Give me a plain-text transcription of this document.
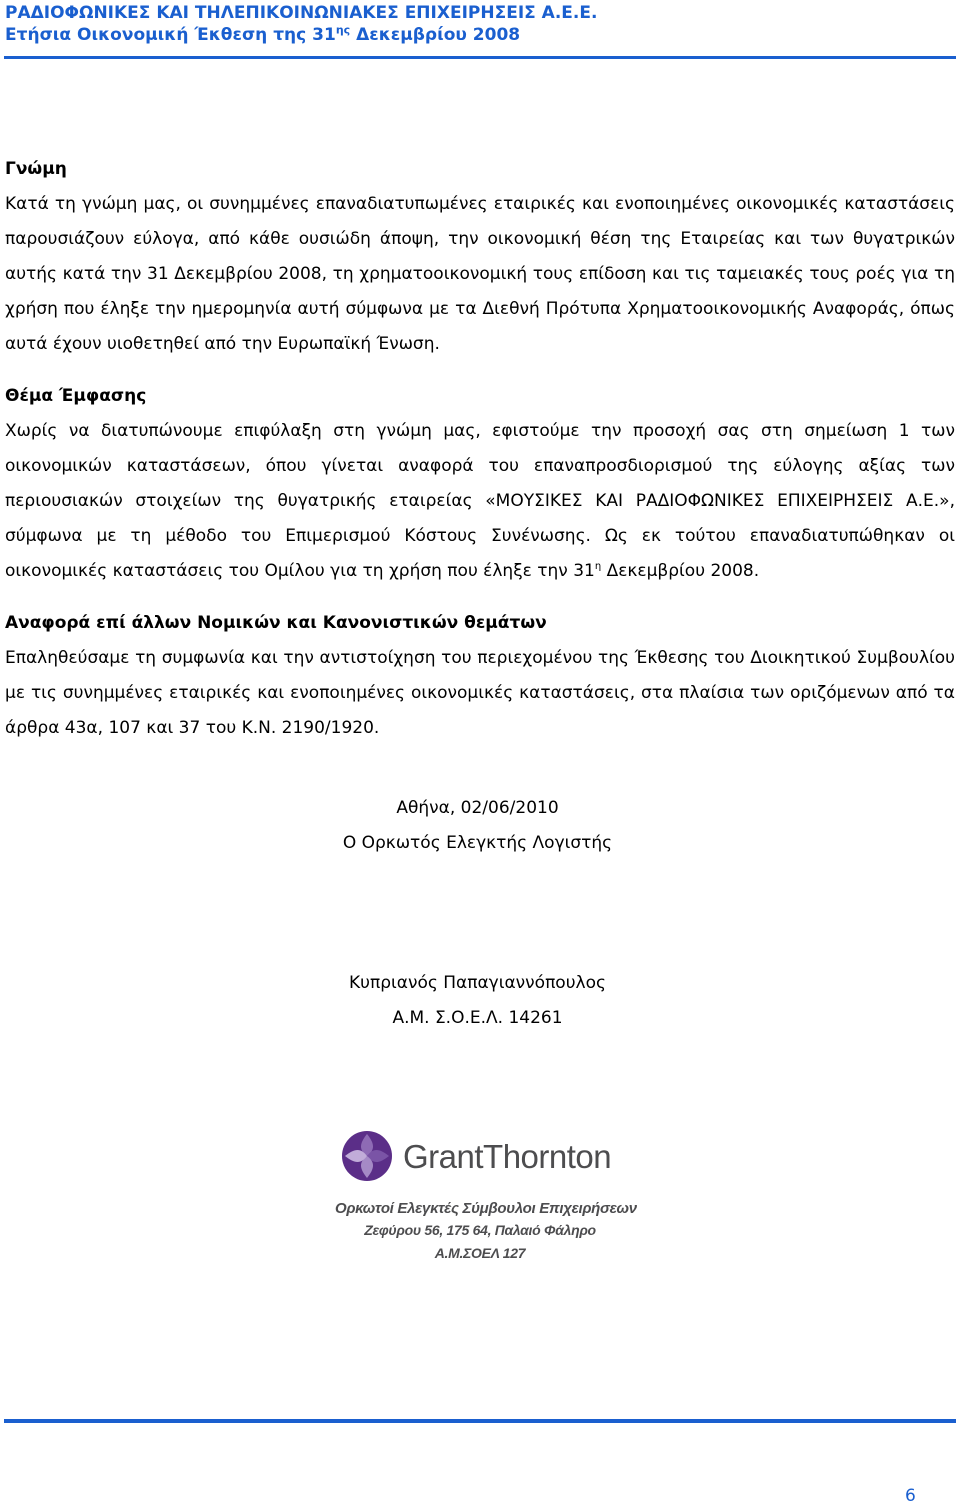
ΡΑΔΙΟΦΩΝΙΚΕΣ ΚΑΙ ΤΗΛΕΠΙΚΟΙΝΩΝΙΑΚΕΣ ΕΠΙΧΕΙΡΗΣΕΙΣ Α.Ε.Ε.
Ετήσια Οικονομική Έκθεση της $31^{\eta\varsigma}$ Δεκεμβρίου 2008

Γνώμη

Κατά τη γνώμη μας, οι συνημμένες επαναδιατυπωμένες εταιρικές και ενοποιημένες οικονομικές καταστάσεις παρουσιάζουν εύλογα, από κάθε ουσιώδη άποψη, την οικονομική θέση της Εταιρείας και των θυγατρικών αυτής κατά την 31 Δεκεμβρίου 2008, τη χρηματοοικονομική τους επίδοση και τις ταμειακές τους ροές για τη χρήση που έληξε την ημερομηνία αυτή σύμφωνα με τα Διεθνή Πρότυπα Χρηματοοικονομικής Αναφοράς, όπως αυτά έχουν υιοθετηθεί από την Ευρωπαϊκή Ένωση.

Θέμα Έμφασης

Χωρίς να διατυπώνουμε επιφύλαξη στη γνώμη μας, εφιστούμε την προσοχή σας στη σημείωση 1 των οικονομικών καταστάσεων, όπου γίνεται αναφορά του επαναπροσδιορισμού της εύλογης αξίας των περιουσιακών στοιχείων της θυγατρικής εταιρείας «ΜΟΥΣΙΚΕΣ ΚΑΙ ΡΑΔΙΟΦΩΝΙΚΕΣ ΕΠΙΧΕΙΡΗΣΕΙΣ Α.Ε.», σύμφωνα με τη μέθοδο του Επιμερισμού Κόστους Συνένωσης. Ως εκ τούτου επαναδιατυπώθηκαν οι οικονομικές καταστάσεις του Ομίλου για τη χρήση που έληξε την $31^\eta$ Δεκεμβρίου 2008.

Αναφορά επί άλλων Νομικών και Κανονιστικών θεμάτων

Επαληθεύσαμε τη συμφωνία και την αντιστοίχηση του περιεχομένου της Έκθεσης του Διοικητικού Συμβουλίου με τις συνημμένες εταιρικές και ενοποιημένες οικονομικές καταστάσεις, στα πλαίσια των οριζόμενων από τα άρθρα 43α, 107 και 37 του Κ.Ν. 2190/1920.

Αθήνα, 02/06/2010
Ο Ορκωτός Ελεγκτής Λογιστής
Κυπριανός Παπαγιαννόπουλος
Α.Μ. Σ.Ο.Ε.Λ. 14261
GrantThornton
Ορκωτοί Ελεγκτές Σύμβουλοι Επιχειρήσεων
Ζεφύρου 56, 175 64, Παλαιό Φάληρο
Α.Μ.ΣΟΕΛ 127
6
